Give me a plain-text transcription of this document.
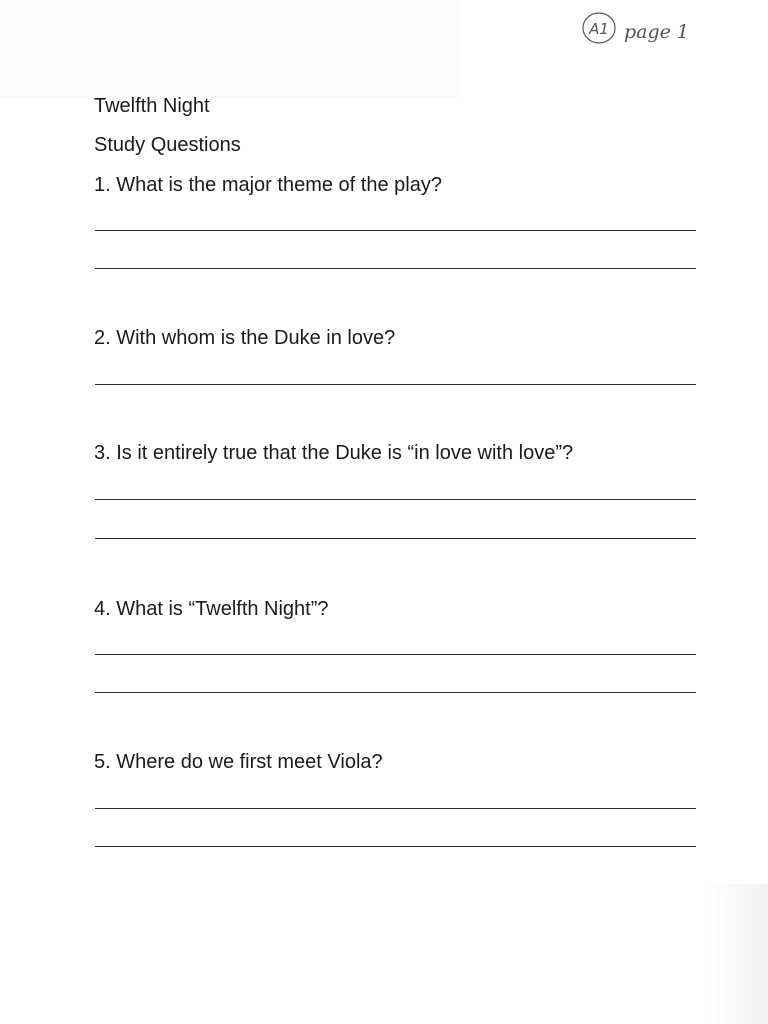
A1 page 1
Twelfth Night
Study Questions
1. What is the major theme of the play?
2. With whom is the Duke in love?
3. Is it entirely true that the Duke is “in love with love”?
4. What is “Twelfth Night”?
5. Where do we first meet Viola?
